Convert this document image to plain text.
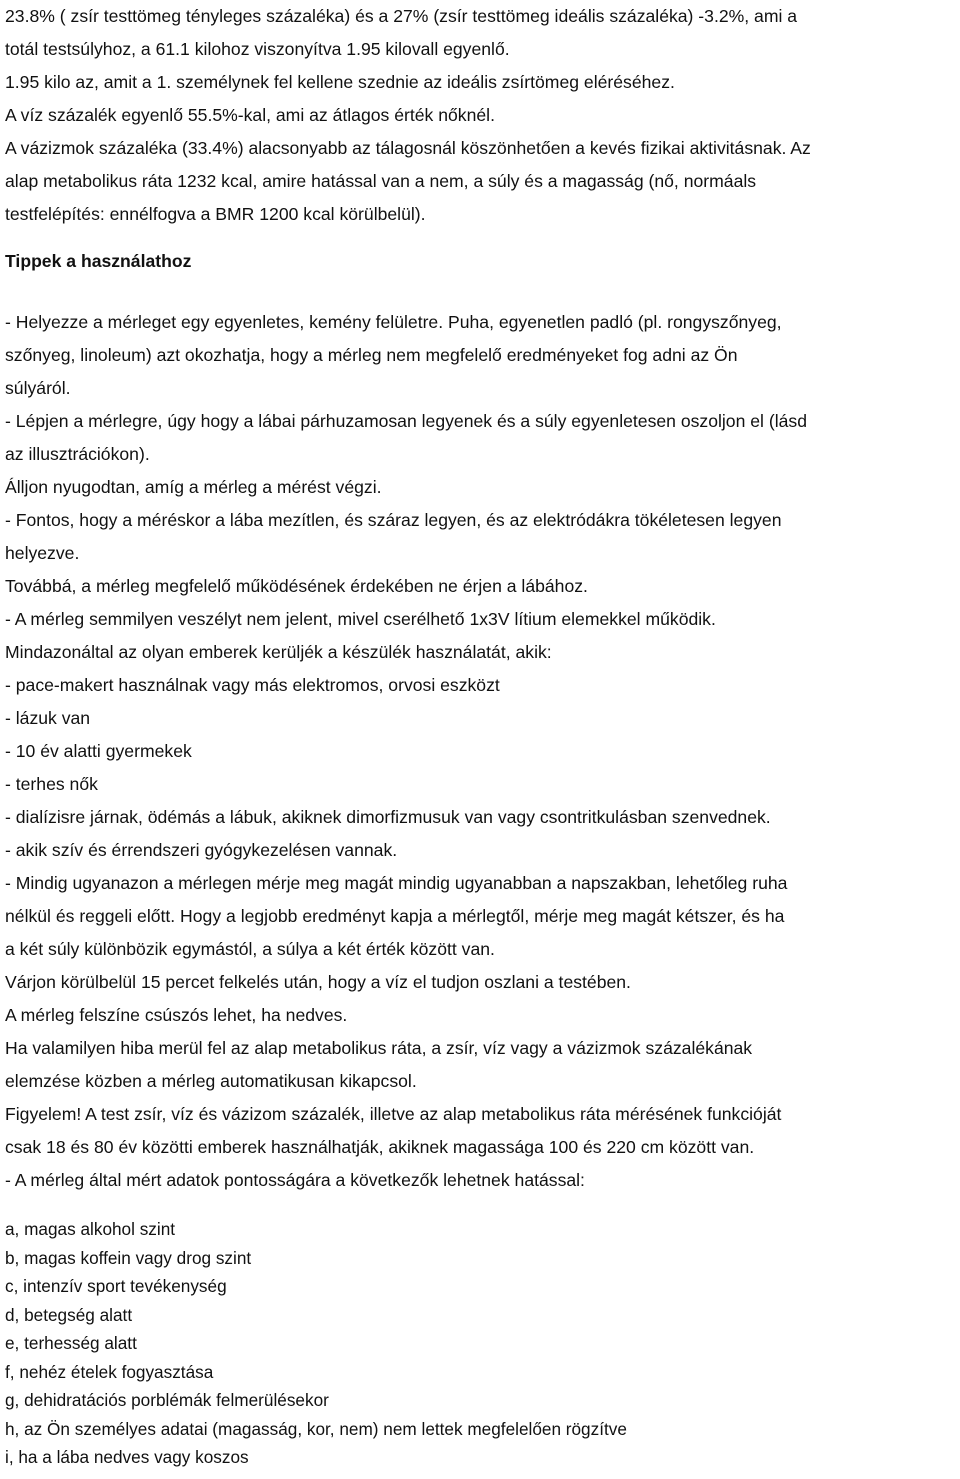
23.8% ( zsír testtömeg tényleges százaléka) és a 27% (zsír testtömeg ideális százaléka) -3.2%, ami a
totál testsúlyhoz, a 61.1 kilohoz viszonyítva 1.95 kilovall egyenlő.
1.95 kilo az, amit a 1. személynek fel kellene szednie az ideális zsírtömeg eléréséhez.
A víz százalék egyenlő 55.5%-kal, ami az átlagos érték nőknél.
A vázizmok százaléka (33.4%) alacsonyabb az tálagosnál köszönhetően a kevés fizikai aktivitásnak. Az
alap metabolikus ráta 1232 kcal, amire hatással van a nem, a súly és a magasság (nő, normáals
testfelépítés: ennélfogva a BMR 1200 kcal körülbelül).
Tippek a használathoz
- Helyezze a mérleget egy egyenletes, kemény felületre. Puha, egyenetlen padló (pl. rongyszőnyeg,
szőnyeg, linoleum) azt okozhatja, hogy a mérleg nem megfelelő eredményeket fog adni az Ön
súlyáról.
- Lépjen a mérlegre, úgy hogy a lábai párhuzamosan legyenek és a súly egyenletesen oszoljon el (lásd
az illusztrációkon).
Álljon nyugodtan, amíg a mérleg a mérést végzi.
- Fontos, hogy a méréskor a lába mezítlen, és száraz legyen, és az elektródákra tökéletesen legyen
helyezve.
Továbbá, a mérleg megfelelő működésének érdekében ne érjen a lábához.
- A mérleg semmilyen veszélyt nem jelent, mivel cserélhető 1x3V lítium elemekkel működik.
Mindazonáltal az olyan emberek kerüljék a készülék használatát, akik:
- pace-makert használnak vagy más elektromos, orvosi eszközt
- lázuk van
- 10 év alatti gyermekek
- terhes nők
- dialízisre járnak, ödémás a lábuk, akiknek dimorfizmusuk van vagy csontritkulásban szenvednek.
- akik szív és érrendszeri gyógykezelésen vannak.
- Mindig ugyanazon a mérlegen mérje meg magát mindig ugyanabban a napszakban, lehetőleg ruha
nélkül és reggeli előtt. Hogy a legjobb eredményt kapja a mérlegtől, mérje meg magát kétszer, és ha
a két súly különbözik egymástól, a súlya a két érték között van.
Várjon körülbelül 15 percet felkelés után, hogy a víz el tudjon oszlani a testében.
A mérleg felszíne csúszós lehet, ha nedves.
Ha valamilyen hiba merül fel az alap metabolikus ráta, a zsír, víz vagy a vázizmok százalékának
elemzése közben a mérleg automatikusan kikapcsol.
Figyelem! A test zsír, víz és vázizom százalék, illetve az alap metabolikus ráta mérésének funkcióját
csak 18 és 80 év közötti emberek használhatják, akiknek magassága 100 és 220 cm között van.
- A mérleg által mért adatok pontosságára a következők lehetnek hatással:
a, magas alkohol szint
b, magas koffein vagy drog szint
c, intenzív sport tevékenység
d, betegség alatt
e, terhesség alatt
f, nehéz ételek fogyasztása
g, dehidratációs porblémák felmerülésekor
h, az Ön személyes adatai (magasság, kor, nem) nem lettek megfelelően rögzítve
i, ha a lába nedves vagy koszos
